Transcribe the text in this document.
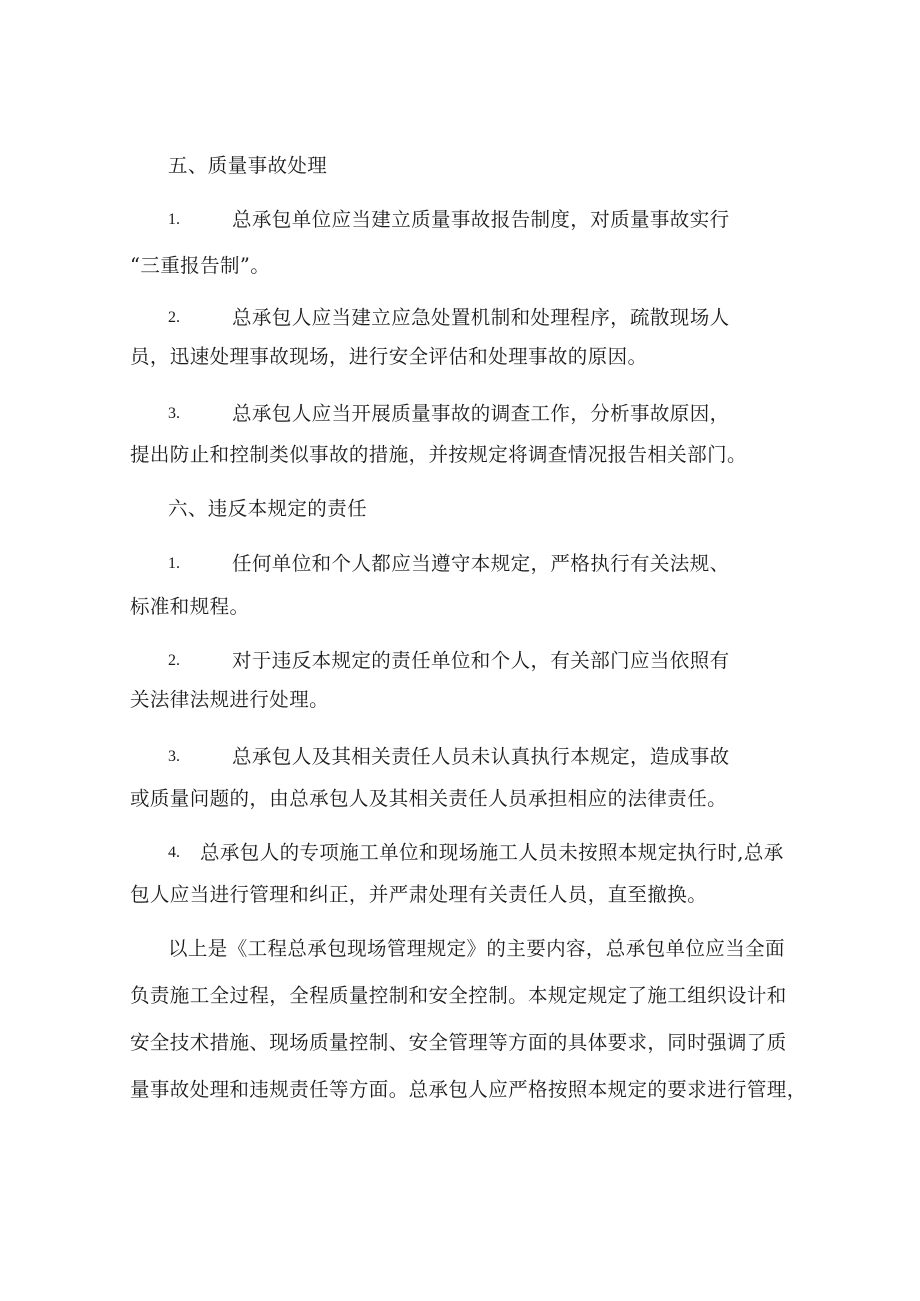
五、质量事故处理
1.	总承包单位应当建立质量事故报告制度，对质量事故实行
“三重报告制”。
2.	总承包人应当建立应急处置机制和处理程序，疏散现场人
员，迅速处理事故现场，进行安全评估和处理事故的原因。
3.	总承包人应当开展质量事故的调查工作，分析事故原因，
提出防止和控制类似事故的措施，并按规定将调查情况报告相关部门。
六、违反本规定的责任
1.	任何单位和个人都应当遵守本规定，严格执行有关法规、
标准和规程。
2.	对于违反本规定的责任单位和个人，有关部门应当依照有
关法律法规进行处理。
3.	总承包人及其相关责任人员未认真执行本规定，造成事故
或质量问题的，由总承包人及其相关责任人员承担相应的法律责任。
4. 总承包人的专项施工单位和现场施工人员未按照本规定执行时,总承
包人应当进行管理和纠正，并严肃处理有关责任人员，直至撤换。
以上是《工程总承包现场管理规定》的主要内容，总承包单位应当全面
负责施工全过程，全程质量控制和安全控制。本规定规定了施工组织设计和
安全技术措施、现场质量控制、安全管理等方面的具体要求，同时强调了质
量事故处理和违规责任等方面。总承包人应严格按照本规定的要求进行管理，
